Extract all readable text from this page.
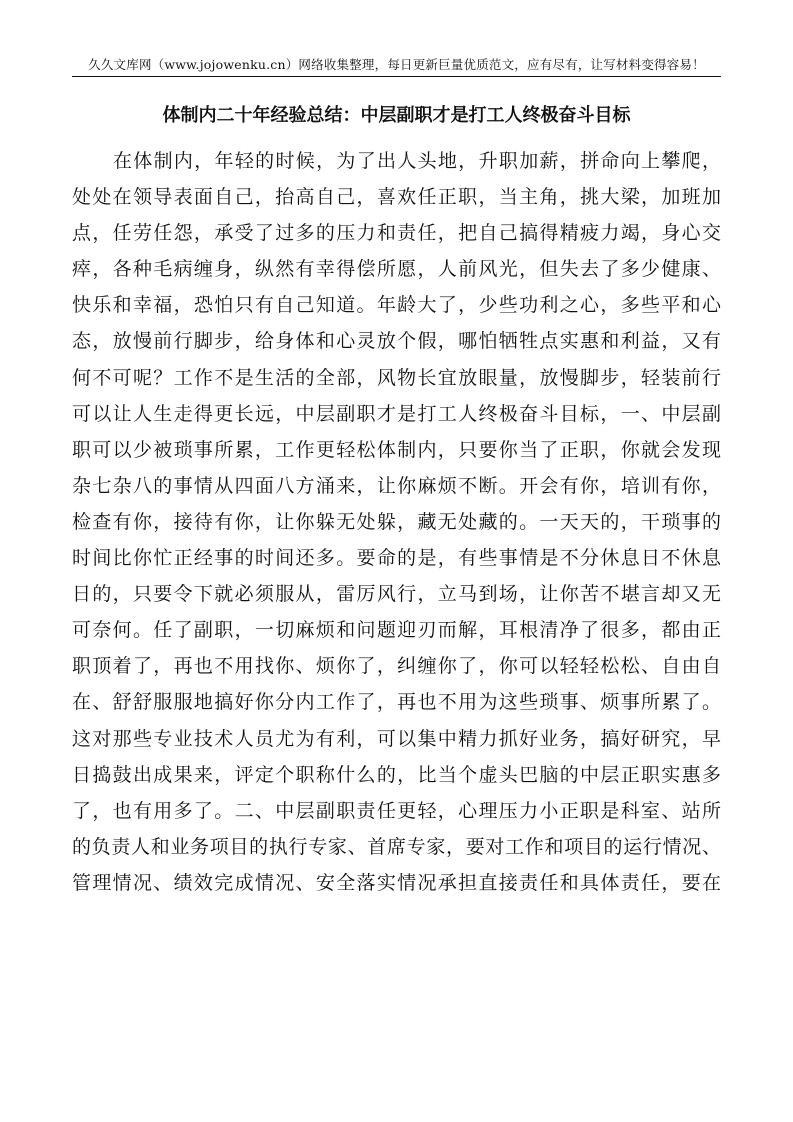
久久文库网（www.jojowenku.cn）网络收集整理，每日更新巨量优质范文，应有尽有，让写材料变得容易！
体制内二十年经验总结：中层副职才是打工人终极奋斗目标
在体制内，年轻的时候，为了出人头地，升职加薪，拼命向上攀爬，
处处在领导表面自己，抬高自己，喜欢任正职，当主角，挑大梁，加班加
点，任劳任怨，承受了过多的压力和责任，把自己搞得精疲力竭，身心交
瘁，各种毛病缠身，纵然有幸得偿所愿，人前风光，但失去了多少健康、
快乐和幸福，恐怕只有自己知道。年龄大了，少些功利之心，多些平和心
态，放慢前行脚步，给身体和心灵放个假，哪怕牺牲点实惠和利益，又有
何不可呢？工作不是生活的全部，风物长宜放眼量，放慢脚步，轻装前行
可以让人生走得更长远，中层副职才是打工人终极奋斗目标，一、中层副
职可以少被琐事所累，工作更轻松体制内，只要你当了正职，你就会发现
杂七杂八的事情从四面八方涌来，让你麻烦不断。开会有你，培训有你，
检查有你，接待有你，让你躲无处躲，藏无处藏的。一天天的，干琐事的
时间比你忙正经事的时间还多。要命的是，有些事情是不分休息日不休息
日的，只要令下就必须服从，雷厉风行，立马到场，让你苦不堪言却又无
可奈何。任了副职，一切麻烦和问题迎刃而解，耳根清净了很多，都由正
职顶着了，再也不用找你、烦你了，纠缠你了，你可以轻轻松松、自由自
在、舒舒服服地搞好你分内工作了，再也不用为这些琐事、烦事所累了。
这对那些专业技术人员尤为有利，可以集中精力抓好业务，搞好研究，早
日捣鼓出成果来，评定个职称什么的，比当个虚头巴脑的中层正职实惠多
了，也有用多了。二、中层副职责任更轻，心理压力小正职是科室、站所
的负责人和业务项目的执行专家、首席专家，要对工作和项目的运行情况、
管理情况、绩效完成情况、安全落实情况承担直接责任和具体责任，要在
